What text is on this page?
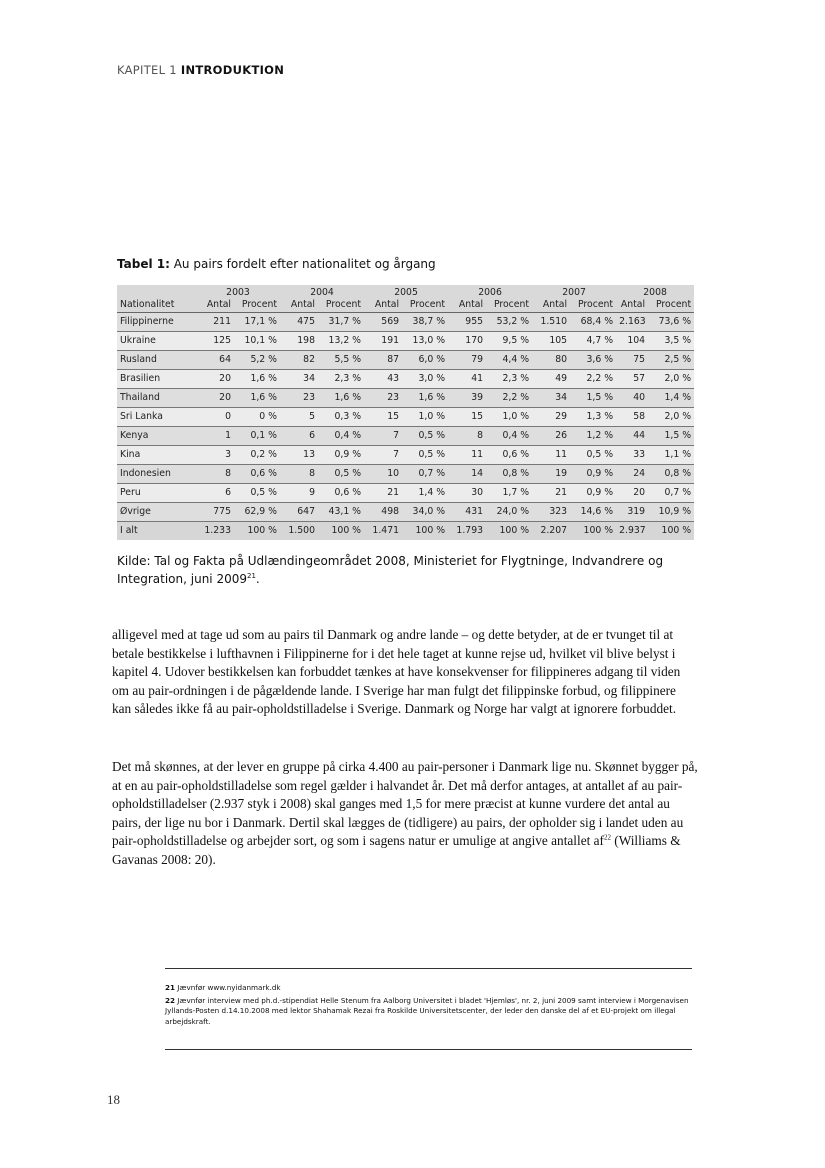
KAPITEL 1 INTRODUKTION
Tabel 1: Au pairs fordelt efter nationalitet og årgang
	2003		2004		2005		2006		2007		2008	
Nationalitet	Antal	Procent	Antal	Procent	Antal	Procent	Antal	Procent	Antal	Procent	Antal	Procent
Filippinerne	211	17,1 %	475	31,7 %	569	38,7 %	955	53,2 %	1.510	68,4 %	2.163	73,6 %
Ukraine	125	10,1 %	198	13,2 %	191	13,0 %	170	9,5 %	105	4,7 %	104	3,5 %
Rusland	64	5,2 %	82	5,5 %	87	6,0 %	79	4,4 %	80	3,6 %	75	2,5 %
Brasilien	20	1,6 %	34	2,3 %	43	3,0 %	41	2,3 %	49	2,2 %	57	2,0 %
Thailand	20	1,6 %	23	1,6 %	23	1,6 %	39	2,2 %	34	1,5 %	40	1,4 %
Sri Lanka	0	0 %	5	0,3 %	15	1,0 %	15	1,0 %	29	1,3 %	58	2,0 %
Kenya	1	0,1 %	6	0,4 %	7	0,5 %	8	0,4 %	26	1,2 %	44	1,5 %
Kina	3	0,2 %	13	0,9 %	7	0,5 %	11	0,6 %	11	0,5 %	33	1,1 %
Indonesien	8	0,6 %	8	0,5 %	10	0,7 %	14	0,8 %	19	0,9 %	24	0,8 %
Peru	6	0,5 %	9	0,6 %	21	1,4 %	30	1,7 %	21	0,9 %	20	0,7 %
Øvrige	775	62,9 %	647	43,1 %	498	34,0 %	431	24,0 %	323	14,6 %	319	10,9 %
I alt	1.233	100 %	1.500	100 %	1.471	100 %	1.793	100 %	2.207	100 %	2.937	100 %
Kilde: Tal og Fakta på Udlændingeområdet 2008, Ministeriet for Flygtninge, Indvandrere og Integration, juni 2009$^{21}$.

alligevel med at tage ud som au pairs til Danmark og andre lande – og dette betyder, at de er tvunget til at betale bestikkelse i lufthavnen i Filippinerne for i det hele taget at kunne rejse ud, hvilket vil blive belyst i kapitel 4. Udover bestikkelsen kan forbuddet tænkes at have konsekvenser for filippineres adgang til viden om au pair-ordningen i de pågældende lande. I Sverige har man fulgt det filippinske forbud, og filippinere kan således ikke få au pair-opholdstilladelse i Sverige. Danmark og Norge har valgt at ignorere forbuddet.

Det må skønnes, at der lever en gruppe på cirka 4.400 au pair-personer i Danmark lige nu. Skønnet bygger på, at en au pair-opholdstilladelse som regel gælder i halvandet år. Det må derfor antages, at antallet af au pair-opholdstilladelser (2.937 styk i 2008) skal ganges med 1,5 for mere præcist at kunne vurdere det antal au pairs, der lige nu bor i Danmark. Dertil skal lægges de (tidligere) au pairs, der opholder sig i landet uden au pair-opholdstilladelse og arbejder sort, og som i sagens natur er umulige at angive antallet $af^{22}$ (Williams & Gavanas 2008: 20).

21 Jævnfør www.nyidanmark.dk

22 Jævnfør interview med ph.d.-stipendiat Helle Stenum fra Aalborg Universitet i bladet 'Hjemløs', nr. 2, juni 2009 samt interview i Morgenavisen Jyllands-Posten d.14.10.2008 med lektor Shahamak Rezai fra Roskilde Universitetscenter, der leder den danske del af et EU-projekt om illegal arbejdskraft.

18
